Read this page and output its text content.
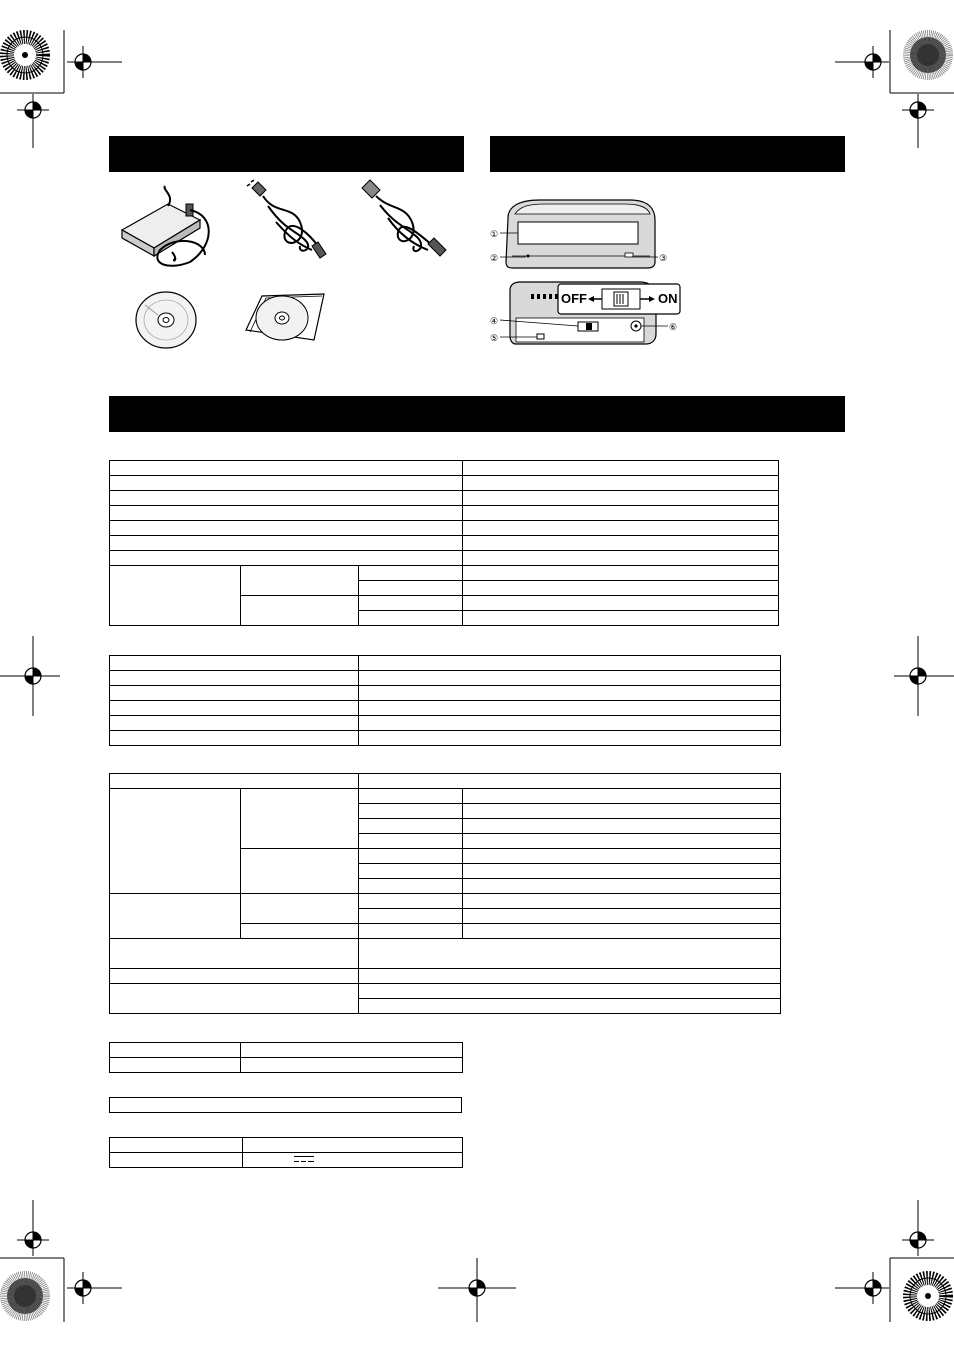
OFF	ON
①
②	③
④
⑤
⑥
